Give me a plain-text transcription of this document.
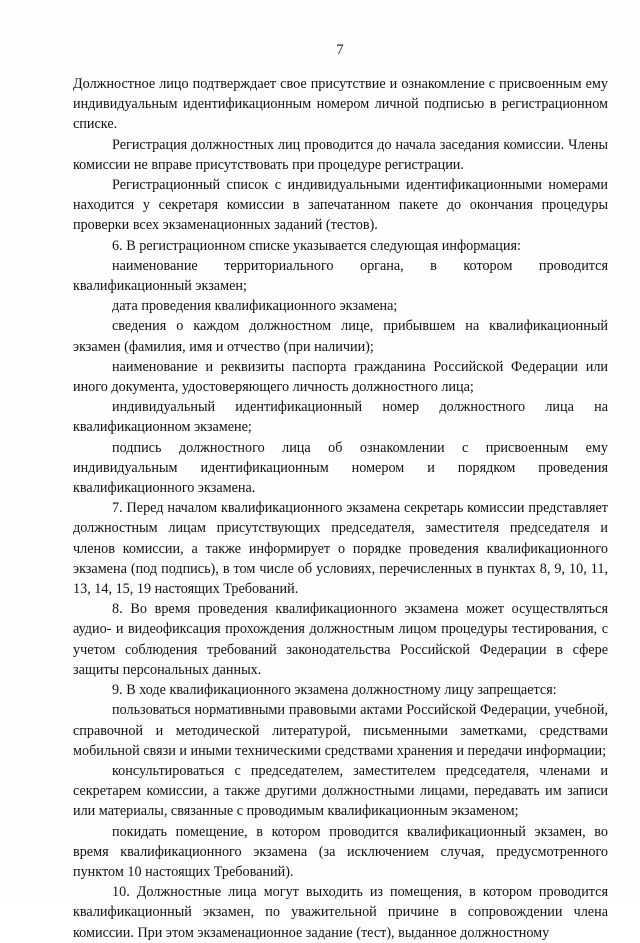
7

Должностное лицо подтверждает свое присутствие и ознакомление с присвоенным ему индивидуальным идентификационным номером личной подписью в регистрационном списке.

Регистрация должностных лиц проводится до начала заседания комиссии. Члены комиссии не вправе присутствовать при процедуре регистрации.

Регистрационный список с индивидуальными идентификационными номерами находится у секретаря комиссии в запечатанном пакете до окончания процедуры проверки всех экзаменационных заданий (тестов).

6. В регистрационном списке указывается следующая информация:

наименование территориального органа, в котором проводится квалификационный экзамен;

дата проведения квалификационного экзамена;

сведения о каждом должностном лице, прибывшем на квалификационный экзамен (фамилия, имя и отчество (при наличии);

наименование и реквизиты паспорта гражданина Российской Федерации или иного документа, удостоверяющего личность должностного лица;

индивидуальный идентификационный номер должностного лица на квалификационном экзамене;

подпись должностного лица об ознакомлении с присвоенным ему индивидуальным идентификационным номером и порядком проведения квалификационного экзамена.

7. Перед началом квалификационного экзамена секретарь комиссии представляет должностным лицам присутствующих председателя, заместителя председателя и членов комиссии, а также информирует о порядке проведения квалификационного экзамена (под подпись), в том числе об условиях, перечисленных в пунктах 8, 9, 10, 11, 13, 14, 15, 19 настоящих Требований.

8. Во время проведения квалификационного экзамена может осуществляться аудио- и видеофиксация прохождения должностным лицом процедуры тестирования, с учетом соблюдения требований законодательства Российской Федерации в сфере защиты персональных данных.

9. В ходе квалификационного экзамена должностному лицу запрещается:

пользоваться нормативными правовыми актами Российской Федерации, учебной, справочной и методической литературой, письменными заметками, средствами мобильной связи и иными техническими средствами хранения и передачи информации;

консультироваться с председателем, заместителем председателя, членами и секретарем комиссии, а также другими должностными лицами, передавать им записи или материалы, связанные с проводимым квалификационным экзаменом;

покидать помещение, в котором проводится квалификационный экзамен, во время квалификационного экзамена (за исключением случая, предусмотренного пунктом 10 настоящих Требований).

10. Должностные лица могут выходить из помещения, в котором проводится квалификационный экзамен, по уважительной причине в сопровождении члена комиссии. При этом экзаменационное задание (тест), выданное должностному
